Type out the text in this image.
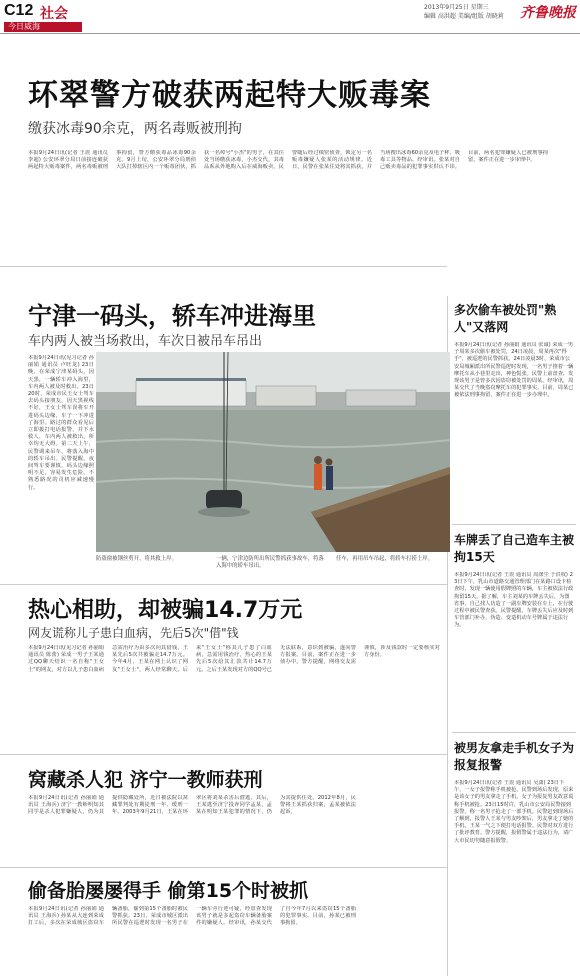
C12 社会	2013年9月25日 星期三
编辑 高洪超 美编/组版 胡晓莉 齐鲁晚报
今日威海
环翠警方破获两起特大贩毒案
缴获冰毒90余克，两名毒贩被刑拘
本报9月24日讯(记者 王震 通讯员 李超) 公安环翠分局日前接连破获两起特大贩毒案件，两名毒贩被刑事拘留，警方缴获毒品冰毒90余克。9月上旬，公安环翠分局刑侦大队打掉辖区内一个贩毒团伙，抓获一名绰号"小杰"的男子，在其住处当场缴获冰毒，小杰交代，其毒品系从外地购入后在威海贩卖。民警随后经过缜密侦查，锁定另一名贩毒嫌疑人张某的活动规律。近日，民警在张某住处将其抓获，并当场搜出冰毒60余克及电子秤、吸毒工具等物品。经审讯，张某对自己贩卖毒品的犯罪事实供认不讳。目前，两名犯罪嫌疑人已被刑事拘留，案件正在进一步审理中。
宁津一码头，轿车冲进海里
车内两人被当场救出，车次日被吊车吊出
本报9月24日讯(见习记者 孙丽娟 通讯员 卢旺龙) 23日晚，在荣成宁津某码头，因天黑，一辆轿车冲入海里，车内两人被及时救出。23日20时，荣成市民王女士驾车去码头接朋友，因天黑视线不好，王女士驾车误将车开进码头边缘，车子一下冲进了海里。路过的群众看见后立即拨打电话报警，并下水救人，车内两人被救出，所幸均无大碍。第二天上午，民警调来吊车，将落入海中的轿车吊出。民警提醒，夜间驾车要谨慎，码头边缘照明不足，容易发生危险，不熟悉路况的司机应减速慢行。
防盗窗被钢丝剪开，将其救上岸。	一辆，宁津边防所出所民警抓获事故车，将落入海中的轿车吊出。
任车，再用吊车吊起，将轿车打捞上岸。
热心相助，却被骗14.7万元
网友谎称儿子患白血病，先后5次"借"钱
本报9月24日讯(见习记者 孙丽娟 通讯员 陈蕾) 荣成一男子王某通过QQ聊天结识一名自称"王女士"的网友，对方以儿子患白血病急需治疗为由多次向其借钱，王某先后5次共被骗走14.7万元。今年4月，王某在网上认识了网友"王女士"，两人经常聊天。后来"王女士"称其儿子患了白血病，急需用钱治疗，热心的王某先后5次给其汇款共计14.7万元。之后王某发现对方的QQ号已无法联系，意识到被骗，遂向警方报案。目前，案件正在进一步侦办中。警方提醒，网络交友需谨慎，涉及钱款时一定要核实对方身份。
窝藏杀人犯 济宁一教师获刑
本报9月24日讯(记者 孙丽娟 通讯员 王海兵) 济宁一教师明知其同学是杀人犯罪嫌疑人，仍为其提供隐藏处所，近日被法院以窝藏罪判处有期徒刑一年、缓刑一年。2003年9月21日，王某在环翠区将刘某杀害后潜逃。其后，王某逃至济宁投奔同学孟某，孟某在明知王某犯罪的情况下，仍为其提供住处。2012年8月，民警将王某抓获归案，孟某被依法起诉。
偷备胎屡屡得手 偷第15个时被抓
本报9月24日讯(记者 孙丽娟 通讯员 王海兵) 孙某从大连到荣成打工后，多次在荣成城区盗窃车辆备胎，偷到第15个备胎时被民警抓获。23日，荣成市城区派出所民警在巡逻时发现一名男子在一辆车旁行迹可疑，经盘查发现该男子就是多起盗窃车辆备胎案件的嫌疑人。经审讯，孙某交代了自今年7月以来盗窃15个备胎的犯罪事实。目前，孙某已被刑事拘留。
多次偷车被处罚"熟人"又落网
本报9月24日讯(记者 孙丽娟 通讯员 张诚) 荣成一男子周某多次偷车被处罚，24日凌晨，周某再次"得手"，被巡逻的民警抓获。24日凌晨3时，荣成市公安局城厢派出所民警巡逻时发现，一名男子推着一辆摩托车从小巷里走出，神色慌张。民警上前盘查，发现该男子是曾多次因盗窃被处罚的周某。经审讯，周某交代了当晚盗窃摩托车的犯罪事实。目前，周某已被依法刑事拘留，案件正在进一步办理中。
车牌丢了自己造车主被拘15天
本报9月24日讯(记者 王震 通讯员 周涤尘 于洪权) 23日下午，乳山市道路交通管理部门在某路口设卡检查时，发现一辆使用假牌照的车辆，车主被依法行政拘留15天。据了解，车主刘某的车牌丢失后，为图省事，自己找人仿造了一副车牌安装在车上，在行驶过程中被民警查获。民警提醒，车牌丢失后应及时到车管部门补办，伪造、变造机动车号牌属于违法行为。
被男友拿走手机女子为报复报警
本报9月24日讯(记者 王震 通讯员 吴潇) 23日下午，一女子报警称手机被抢，民警到场后发现，原来是该女子的男友拿走了手机，女子为报复男友故意谎称手机被抢。23日15时许，乳山市公安局民警接到报警，称一名男子抢走了一部手机。民警赶到现场后了解到，报警人王某与男友吵架后，男友拿走了她的手机，王某一气之下便打电话报警。民警对双方进行了批评教育。警方提醒，报假警属于违法行为，请广大市民切勿随意报假警。
